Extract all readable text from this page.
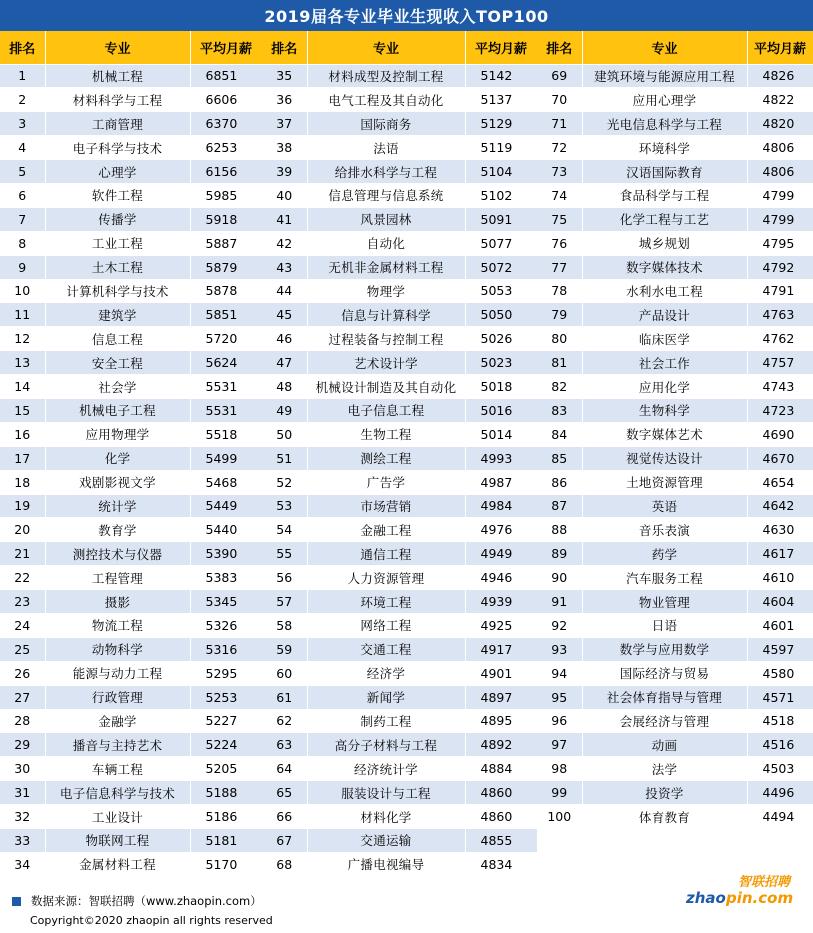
2019届各专业毕业生现收入TOP100
排名	专业	平均月薪
1	机械工程	6851
2	材料科学与工程	6606
3	工商管理	6370
4	电子科学与技术	6253
5	心理学	6156
6	软件工程	5985
7	传播学	5918
8	工业工程	5887
9	土木工程	5879
10	计算机科学与技术	5878
11	建筑学	5851
12	信息工程	5720
13	安全工程	5624
14	社会学	5531
15	机械电子工程	5531
16	应用物理学	5518
17	化学	5499
18	戏剧影视文学	5468
19	统计学	5449
20	教育学	5440
21	测控技术与仪器	5390
22	工程管理	5383
23	摄影	5345
24	物流工程	5326
25	动物科学	5316
26	能源与动力工程	5295
27	行政管理	5253
28	金融学	5227
29	播音与主持艺术	5224
30	车辆工程	5205
31	电子信息科学与技术	5188
32	工业设计	5186
33	物联网工程	5181
34	金属材料工程	5170
排名	专业	平均月薪
35	材料成型及控制工程	5142
36	电气工程及其自动化	5137
37	国际商务	5129
38	法语	5119
39	给排水科学与工程	5104
40	信息管理与信息系统	5102
41	风景园林	5091
42	自动化	5077
43	无机非金属材料工程	5072
44	物理学	5053
45	信息与计算科学	5050
46	过程装备与控制工程	5026
47	艺术设计学	5023
48	机械设计制造及其自动化	5018
49	电子信息工程	5016
50	生物工程	5014
51	测绘工程	4993
52	广告学	4987
53	市场营销	4984
54	金融工程	4976
55	通信工程	4949
56	人力资源管理	4946
57	环境工程	4939
58	网络工程	4925
59	交通工程	4917
60	经济学	4901
61	新闻学	4897
62	制药工程	4895
63	高分子材料与工程	4892
64	经济统计学	4884
65	服装设计与工程	4860
66	材料化学	4860
67	交通运输	4855
68	广播电视编导	4834
排名	专业	平均月薪
69	建筑环境与能源应用工程	4826
70	应用心理学	4822
71	光电信息科学与工程	4820
72	环境科学	4806
73	汉语国际教育	4806
74	食品科学与工程	4799
75	化学工程与工艺	4799
76	城乡规划	4795
77	数字媒体技术	4792
78	水利水电工程	4791
79	产品设计	4763
80	临床医学	4762
81	社会工作	4757
82	应用化学	4743
83	生物科学	4723
84	数字媒体艺术	4690
85	视觉传达设计	4670
86	土地资源管理	4654
87	英语	4642
88	音乐表演	4630
89	药学	4617
90	汽车服务工程	4610
91	物业管理	4604
92	日语	4601
93	数学与应用数学	4597
94	国际经济与贸易	4580
95	社会体育指导与管理	4571
96	会展经济与管理	4518
97	动画	4516
98	法学	4503
99	投资学	4496
100	体育教育	4494
数据来源：智联招聘（www.zhaopin.com）
Copyright©2020 zhaopin all rights reserved
智联招聘
zhao pin.com
